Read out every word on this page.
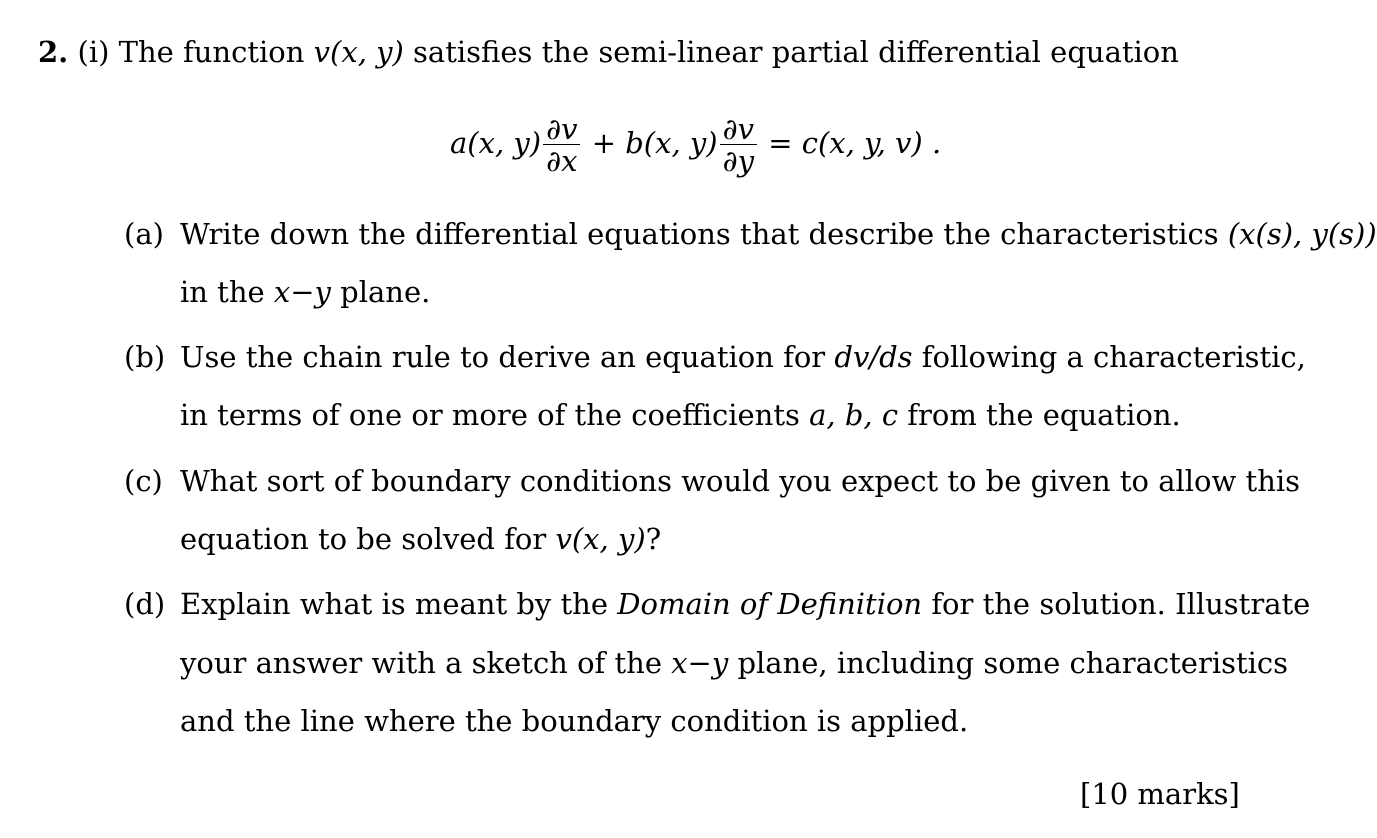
2. (i) The function v(x, y) satisfies the semi-linear partial differential equation
a(x, $y) \frac{\partial v}{\partial x} + b(x$, $y) \frac{\partial v}{\partial y} = c(x$, y, v) .
(a) Write down the differential equations that describe the characteristics (x(s), y(s))
in the x−y plane.
(b) Use the chain rule to derive an equation for dv/ds following a characteristic,
in terms of one or more of the coefficients a, b, c from the equation.
(c) What sort of boundary conditions would you expect to be given to allow this
equation to be solved for v(x, y)?
(d) Explain what is meant by the Domain of Definition for the solution. Illustrate
your answer with a sketch of the x−y plane, including some characteristics
and the line where the boundary condition is applied.
[10 marks]
